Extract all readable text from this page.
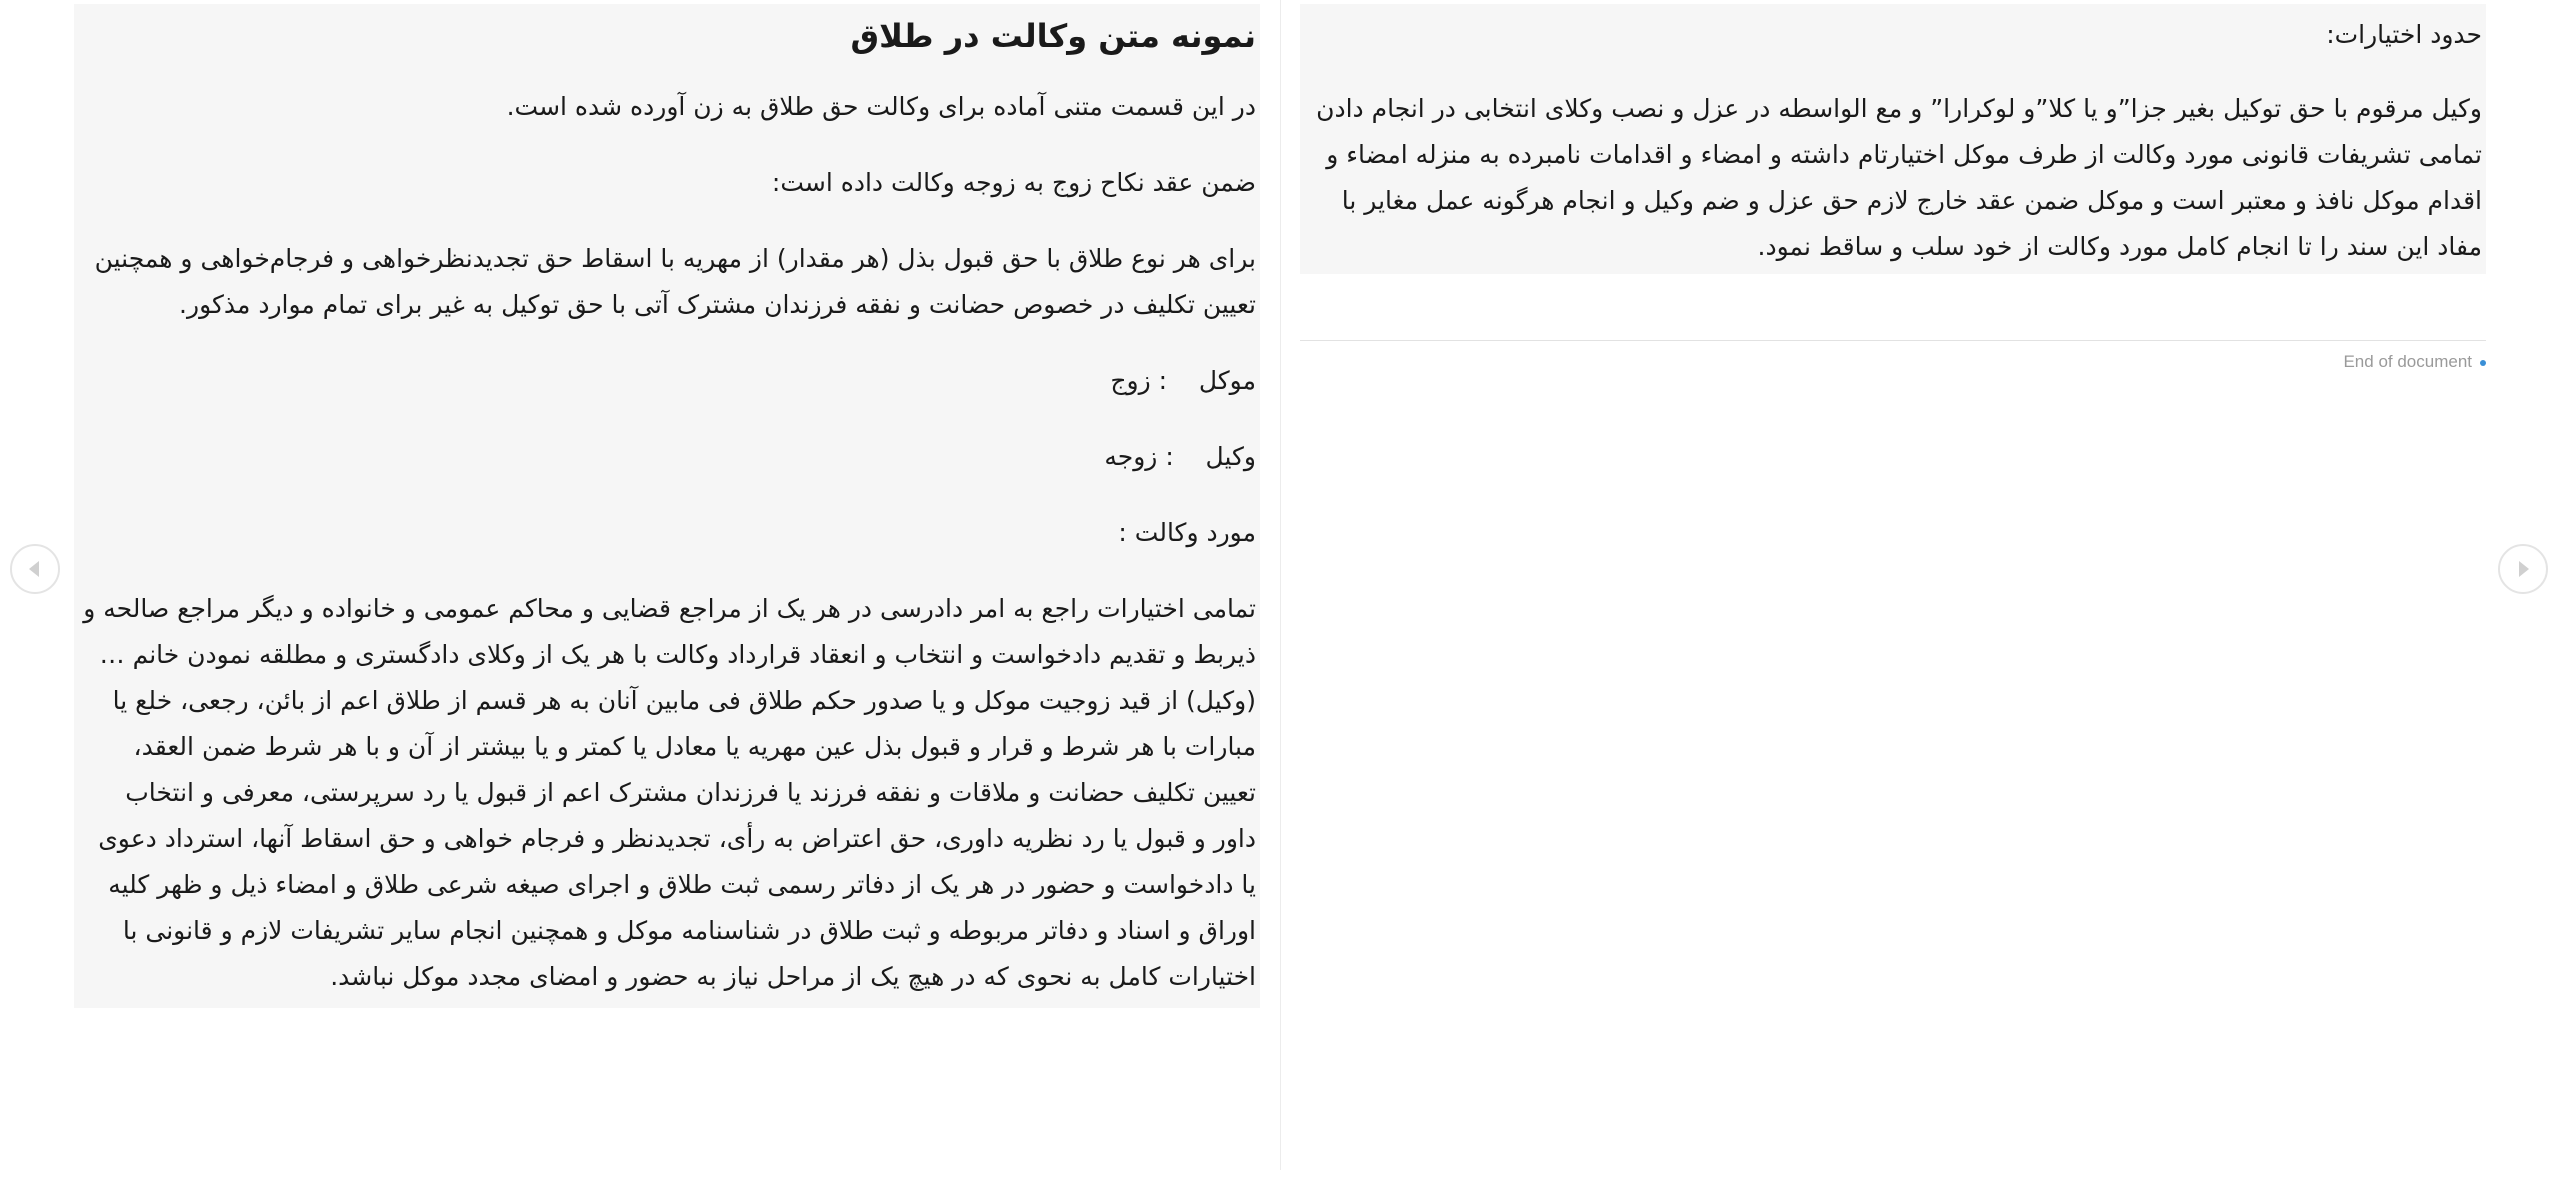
نمونه متن وکالت در طلاق
در این قسمت متنی آماده برای وکالت حق طلاق به زن آورده شده است.
ضمن عقد نکاح زوج به زوجه وکالت داده است:
برای هر نوع طلاق با حق قبول بذل (هر مقدار) از مهریه با اسقاط حق تجدیدنظرخواهی و فرجام‌خواهی و همچنین تعیین تکلیف در خصوص حضانت و نفقه فرزندان مشترک آتی با حق توکیل به غیر برای تمام موارد مذکور.
موکل    : زوج
وکیل    : زوجه
مورد وکالت :
تمامی اختیارات راجع به امر دادرسی در هر یک از مراجع قضایی و محاکم عمومی و خانواده و دیگر مراجع صالحه و ذیربط و تقدیم دادخواست و انتخاب و انعقاد قرارداد وکالت با هر یک از وکلای دادگستری و مطلقه نمودن خانم … (وکیل) از قید زوجیت موکل و یا صدور حکم طلاق فی مابین آنان به هر قسم از طلاق اعم از بائن، رجعی، خلع یا مبارات با هر شرط و قرار و قبول بذل عین مهریه یا معادل یا کمتر و یا بیشتر از آن و با هر شرط ضمن العقد، تعیین تکلیف حضانت و ملاقات و نفقه فرزند یا فرزندان مشترک اعم از قبول یا رد سرپرستی، معرفی و انتخاب داور و قبول یا رد نظریه داوری، حق اعتراض به رأی، تجدیدنظر و فرجام خواهی و حق اسقاط آنها، استرداد دعوی یا دادخواست و حضور در هر یک از دفاتر رسمی ثبت طلاق و اجرای صیغه شرعی طلاق و امضاء ذیل و ظهر کلیه اوراق و اسناد و دفاتر مربوطه و ثبت طلاق در شناسنامه موکل و همچنین انجام سایر تشریفات لازم و قانونی با اختیارات کامل به نحوی که در هیچ یک از مراحل نیاز به حضور و امضای مجدد موکل نباشد.
حدود اختیارات:
وکیل مرقوم با حق توکیل بغیر جزا”و یا کلا”و لوکرارا” و مع الواسطه در عزل و نصب وکلای انتخابی در انجام دادن تمامی تشریفات قانونی مورد وکالت از طرف موکل اختیارتام داشته و امضاء و اقدامات نامبرده به منزله امضاء و اقدام موکل نافذ و معتبر است و موکل ضمن عقد خارج لازم حق عزل و ضم وکیل و انجام هرگونه عمل مغایر با مفاد این سند را تا انجام کامل مورد وکالت از خود سلب و ساقط نمود.
End of document
